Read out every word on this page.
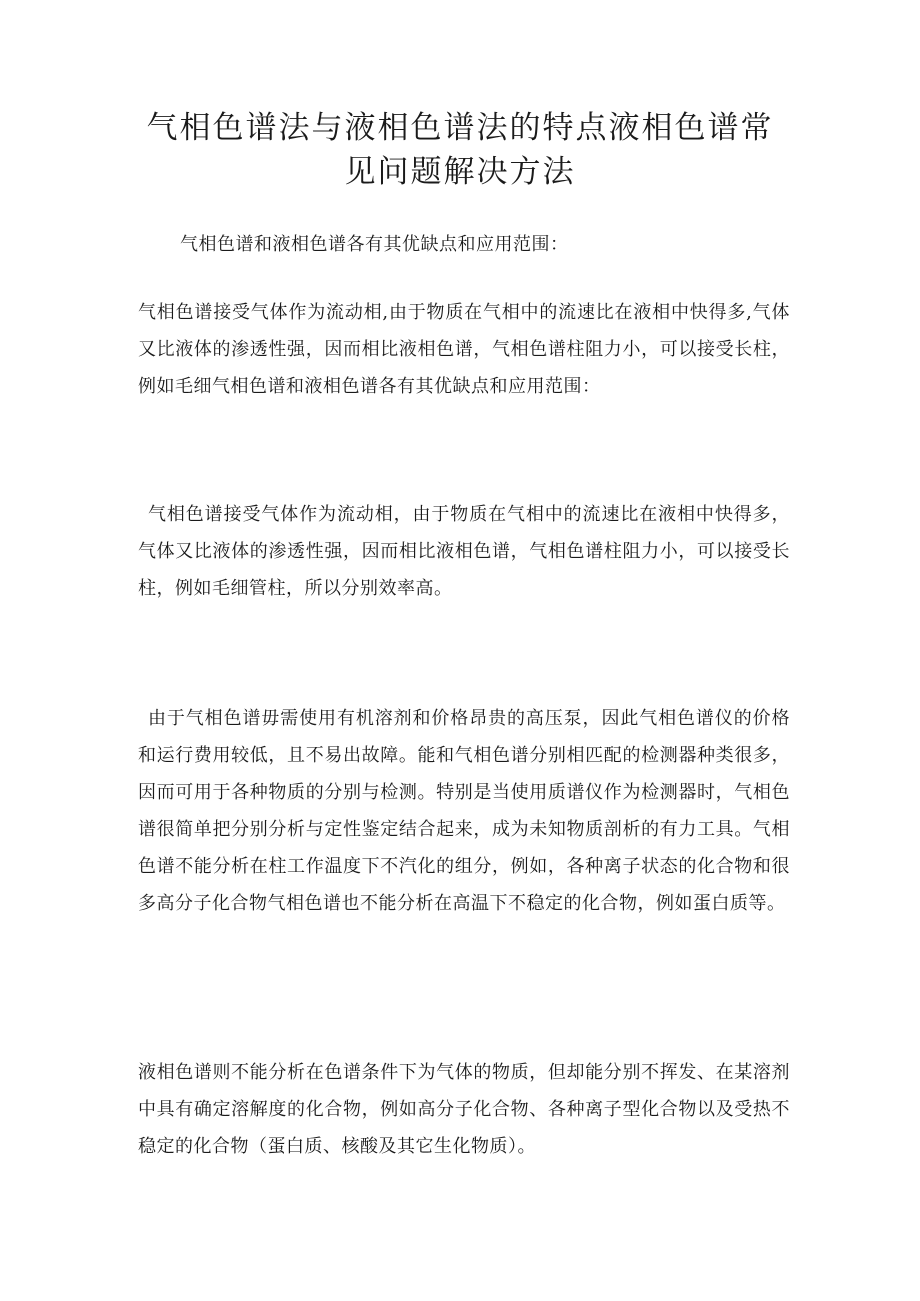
气相色谱法与液相色谱法的特点液相色谱常
见问题解决方法

气相色谱和液相色谱各有其优缺点和应用范围：

气相色谱接受气体作为流动相,由于物质在气相中的流速比在液相中快得多,气体又比液体的渗透性强，因而相比液相色谱，气相色谱柱阻力小，可以接受长柱，例如毛细气相色谱和液相色谱各有其优缺点和应用范围：

气相色谱接受气体作为流动相，由于物质在气相中的流速比在液相中快得多，气体又比液体的渗透性强，因而相比液相色谱，气相色谱柱阻力小，可以接受长柱，例如毛细管柱，所以分别效率高。

由于气相色谱毋需使用有机溶剂和价格昂贵的高压泵，因此气相色谱仪的价格和运行费用较低，且不易出故障。能和气相色谱分别相匹配的检测器种类很多，因而可用于各种物质的分别与检测。特别是当使用质谱仪作为检测器时，气相色谱很简单把分别分析与定性鉴定结合起来，成为未知物质剖析的有力工具。气相色谱不能分析在柱工作温度下不汽化的组分，例如，各种离子状态的化合物和很多高分子化合物气相色谱也不能分析在高温下不稳定的化合物，例如蛋白质等。

液相色谱则不能分析在色谱条件下为气体的物质，但却能分别不挥发、在某溶剂中具有确定溶解度的化合物，例如高分子化合物、各种离子型化合物以及受热不稳定的化合物（蛋白质、核酸及其它生化物质）。
